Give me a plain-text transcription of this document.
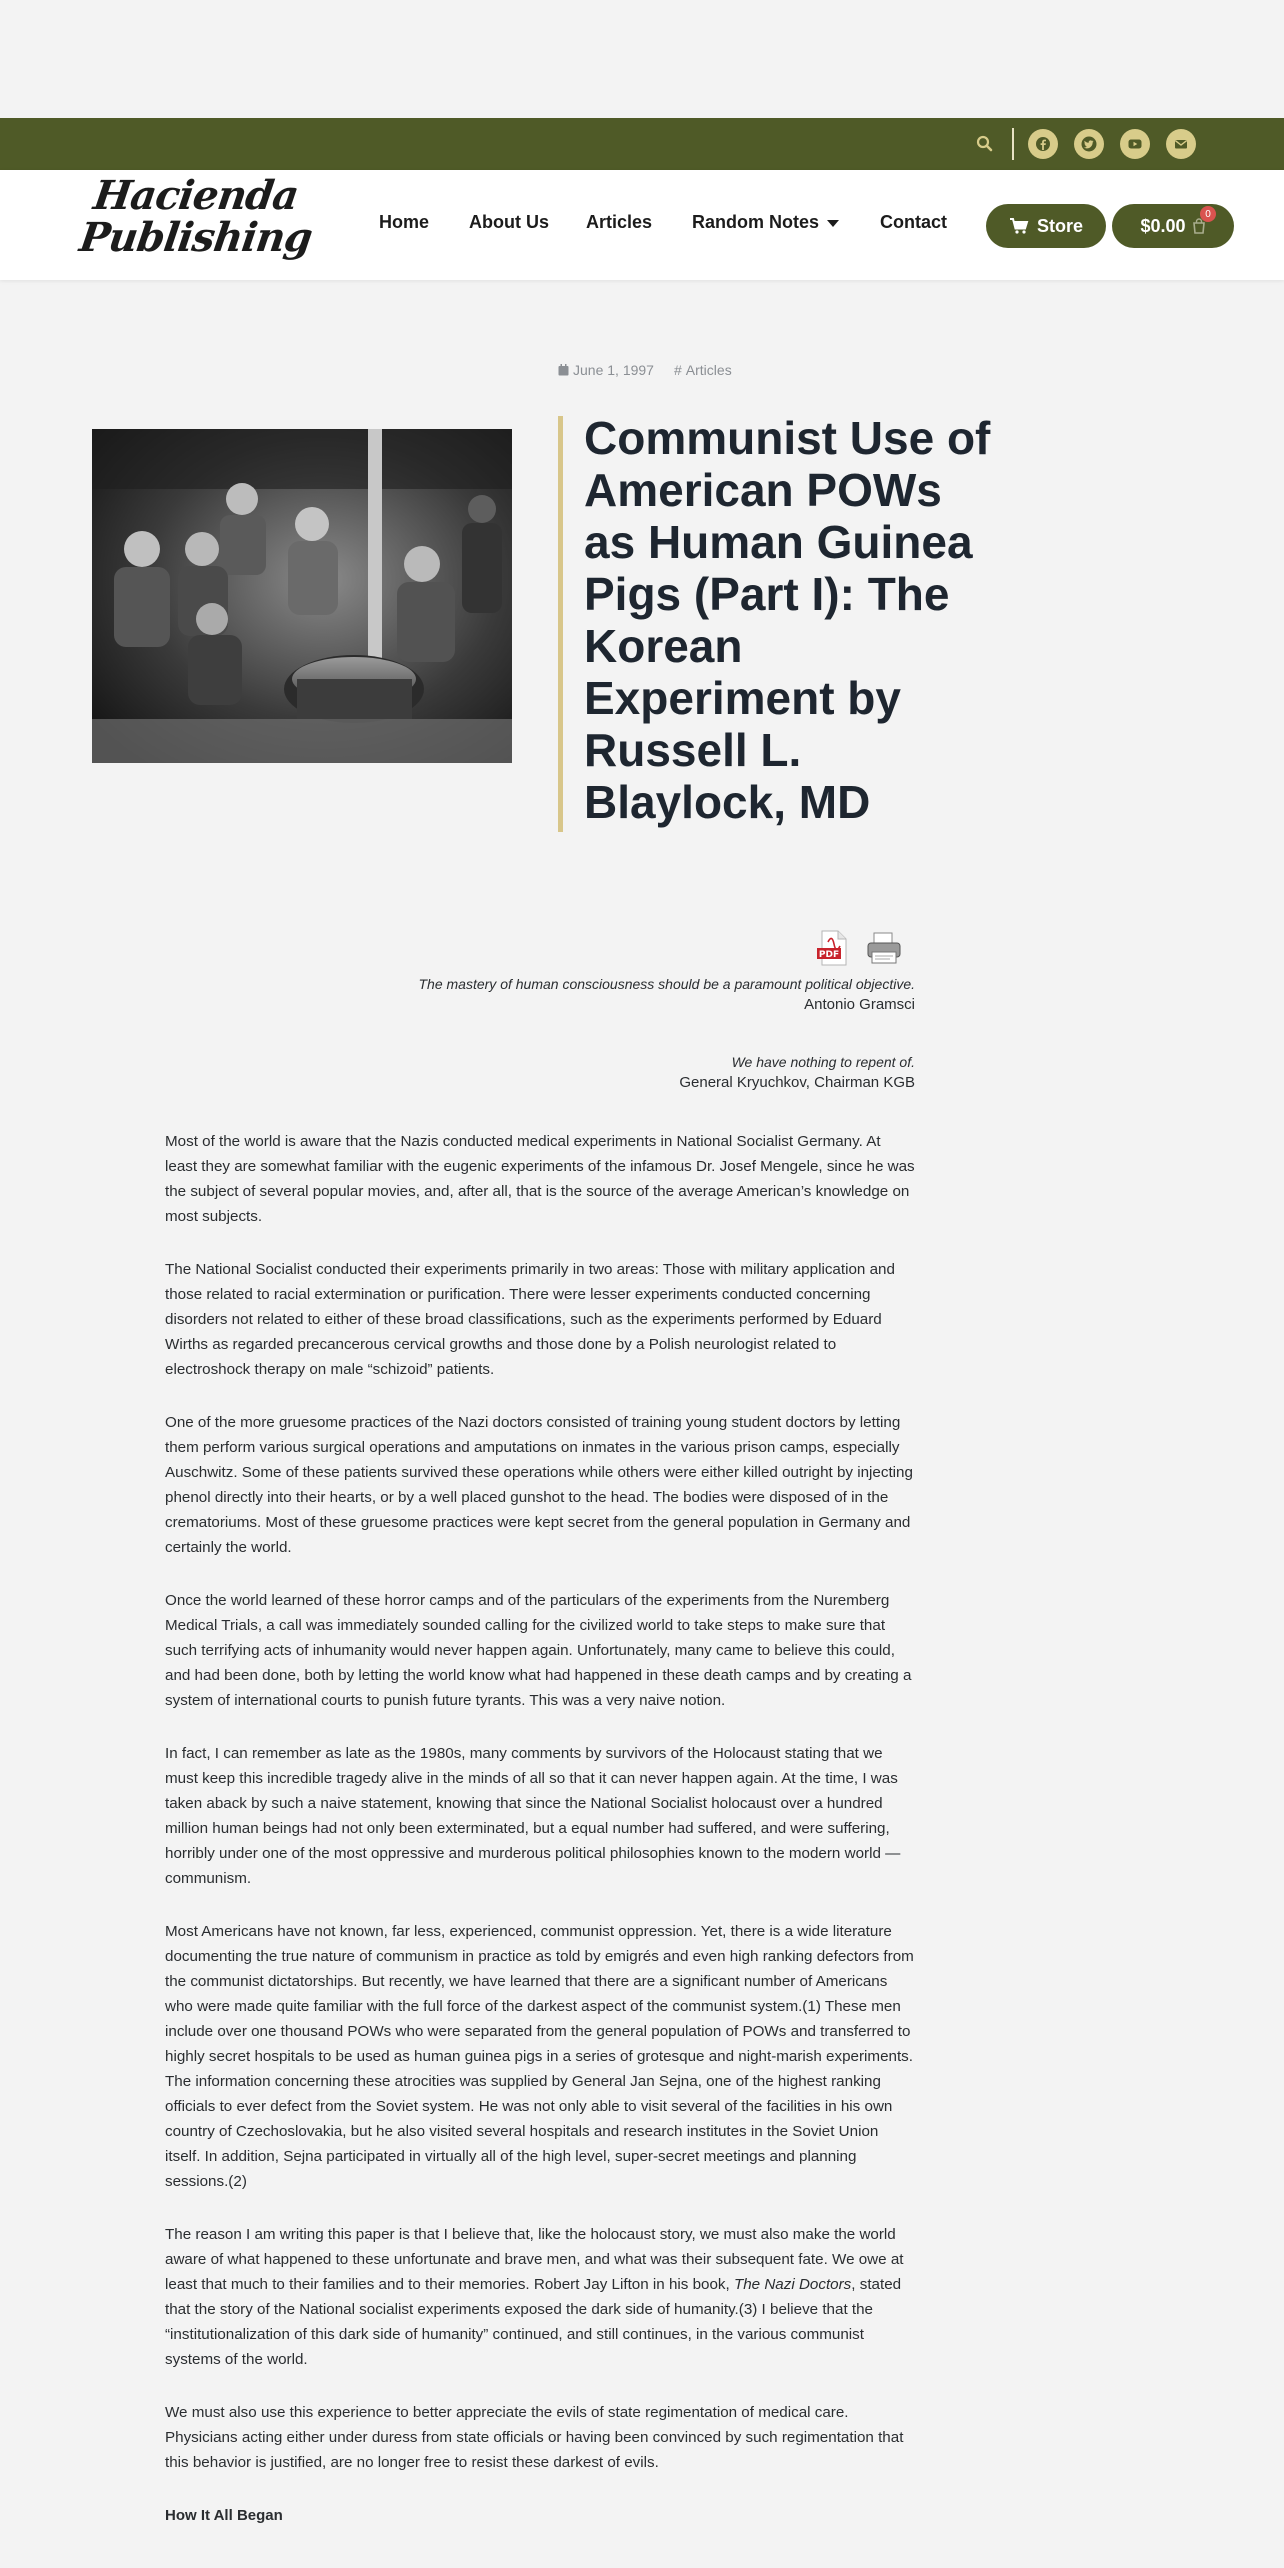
Hacienda
Publishing	Home About Us Articles Random Notes	Contact	Store	$0.00
0
June 1, 1997 # Articles
Communist Use of American POWs as Human Guinea Pigs (Part I): The Korean Experiment by Russell L. Blaylock, MD
PDF
The mastery of human consciousness should be a paramount political objective.
Antonio Gramsci
We have nothing to repent of.
General Kryuchkov, Chairman KGB

Most of the world is aware that the Nazis conducted medical experiments in National Socialist Germany. At least they are somewhat familiar with the eugenic experiments of the infamous Dr. Josef Mengele, since he was the subject of several popular movies, and, after all, that is the source of the average American’s knowledge on most subjects.

The National Socialist conducted their experiments primarily in two areas: Those with military application and those related to racial extermination or purification. There were lesser experiments conducted concerning disorders not related to either of these broad classifications, such as the experiments performed by Eduard Wirths as regarded precancerous cervical growths and those done by a Polish neurologist related to electroshock therapy on male “schizoid” patients.

One of the more gruesome practices of the Nazi doctors consisted of training young student doctors by letting them perform various surgical operations and amputations on inmates in the various prison camps, especially Auschwitz. Some of these patients survived these operations while others were either killed outright by injecting phenol directly into their hearts, or by a well placed gunshot to the head. The bodies were disposed of in the crematoriums. Most of these gruesome practices were kept secret from the general population in Germany and certainly the world.

Once the world learned of these horror camps and of the particulars of the experiments from the Nuremberg Medical Trials, a call was immediately sounded calling for the civilized world to take steps to make sure that such terrifying acts of inhumanity would never happen again. Unfortunately, many came to believe this could, and had been done, both by letting the world know what had happened in these death camps and by creating a system of international courts to punish future tyrants. This was a very naive notion.

In fact, I can remember as late as the 1980s, many comments by survivors of the Holocaust stating that we must keep this incredible tragedy alive in the minds of all so that it can never happen again. At the time, I was taken aback by such a naive statement, knowing that since the National Socialist holocaust over a hundred million human beings had not only been exterminated, but a equal number had suffered, and were suffering, horribly under one of the most oppressive and murderous political philosophies known to the modern world — communism.

Most Americans have not known, far less, experienced, communist oppression. Yet, there is a wide literature documenting the true nature of communism in practice as told by emigrés and even high ranking defectors from the communist dictatorships. But recently, we have learned that there are a significant number of Americans who were made quite familiar with the full force of the darkest aspect of the communist system.(1) These men include over one thousand POWs who were separated from the general population of POWs and transferred to highly secret hospitals to be used as human guinea pigs in a series of grotesque and night-marish experiments. The information concerning these atrocities was supplied by General Jan Sejna, one of the highest ranking officials to ever defect from the Soviet system. He was not only able to visit several of the facilities in his own country of Czechoslovakia, but he also visited several hospitals and research institutes in the Soviet Union itself. In addition, Sejna participated in virtually all of the high level, super-secret meetings and planning sessions.(2)

The reason I am writing this paper is that I believe that, like the holocaust story, we must also make the world aware of what happened to these unfortunate and brave men, and what was their subsequent fate. We owe at least that much to their families and to their memories. Robert Jay Lifton in his book, The Nazi Doctors, stated that the story of the National socialist experiments exposed the dark side of humanity.(3) I believe that the “institutionalization of this dark side of humanity” continued, and still continues, in the various communist systems of the world.

We must also use this experience to better appreciate the evils of state regimentation of medical care. Physicians acting either under duress from state officials or having been convinced by such regimentation that this behavior is justified, are no longer free to resist these darkest of evils.

How It All Began
